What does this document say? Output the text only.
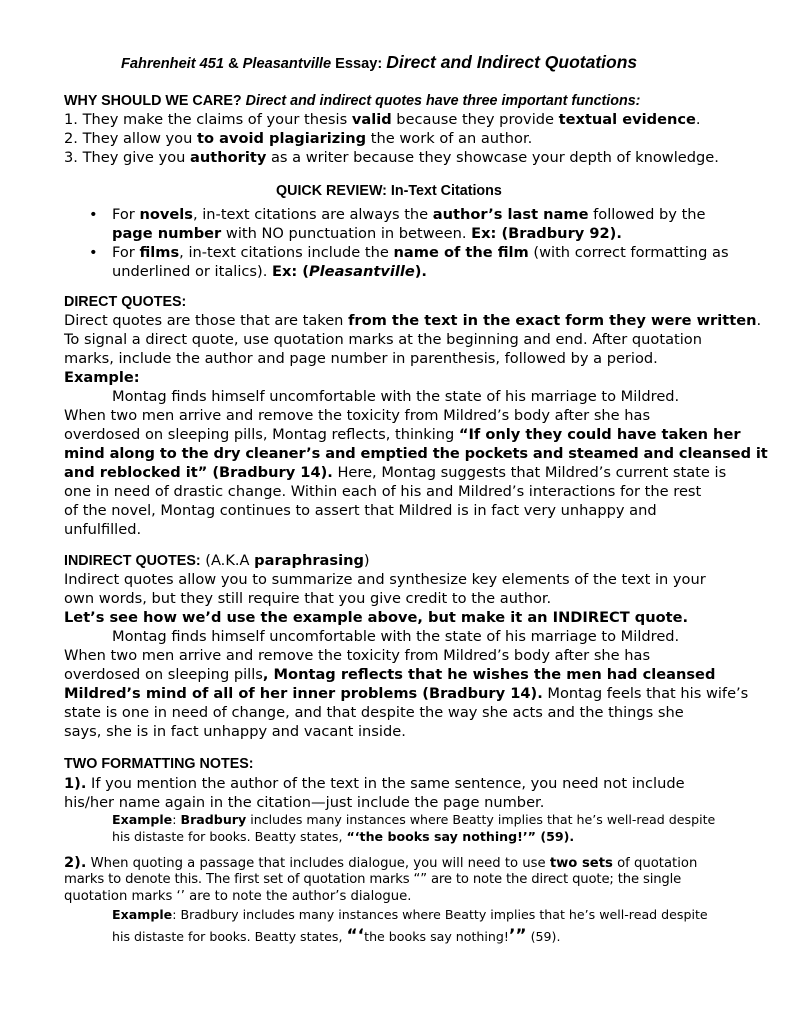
Fahrenheit 451 & Pleasantville Essay: Direct and Indirect Quotations
WHY SHOULD WE CARE? Direct and indirect quotes have three important functions:
1. They make the claims of your thesis valid because they provide textual evidence.
2. They allow you to avoid plagiarizing the work of an author.
3. They give you authority as a writer because they showcase your depth of knowledge.
QUICK REVIEW: In-Text Citations
• For novels, in-text citations are always the author’s last name followed by the
page number with NO punctuation in between. Ex: (Bradbury 92).
• For films, in-text citations include the name of the film (with correct formatting as
underlined or italics). Ex: (Pleasantville).
DIRECT QUOTES:
Direct quotes are those that are taken from the text in the exact form they were written.
To signal a direct quote, use quotation marks at the beginning and end. After quotation
marks, include the author and page number in parenthesis, followed by a period.
Example:
Montag finds himself uncomfortable with the state of his marriage to Mildred.
When two men arrive and remove the toxicity from Mildred’s body after she has
overdosed on sleeping pills, Montag reflects, thinking “If only they could have taken her
mind along to the dry cleaner’s and emptied the pockets and steamed and cleansed it
and reblocked it” (Bradbury 14). Here, Montag suggests that Mildred’s current state is
one in need of drastic change. Within each of his and Mildred’s interactions for the rest
of the novel, Montag continues to assert that Mildred is in fact very unhappy and
unfulfilled.
INDIRECT QUOTES: (A.K.A paraphrasing)
Indirect quotes allow you to summarize and synthesize key elements of the text in your
own words, but they still require that you give credit to the author.
Let’s see how we’d use the example above, but make it an INDIRECT quote.
Montag finds himself uncomfortable with the state of his marriage to Mildred.
When two men arrive and remove the toxicity from Mildred’s body after she has
overdosed on sleeping pills, Montag reflects that he wishes the men had cleansed
Mildred’s mind of all of her inner problems (Bradbury 14). Montag feels that his wife’s
state is one in need of change, and that despite the way she acts and the things she
says, she is in fact unhappy and vacant inside.
TWO FORMATTING NOTES:
1). If you mention the author of the text in the same sentence, you need not include
his/her name again in the citation—just include the page number.
Example: Bradbury includes many instances where Beatty implies that he’s well-read despite
his distaste for books. Beatty states, “‘the books say nothing!’” (59).
2). When quoting a passage that includes dialogue, you will need to use two sets of quotation
marks to denote this. The first set of quotation marks “” are to note the direct quote; the single
quotation marks ‘’ are to note the author’s dialogue.
Example: Bradbury includes many instances where Beatty implies that he’s well-read despite
his distaste for books. Beatty states, “‘the books say nothing!’” (59).
